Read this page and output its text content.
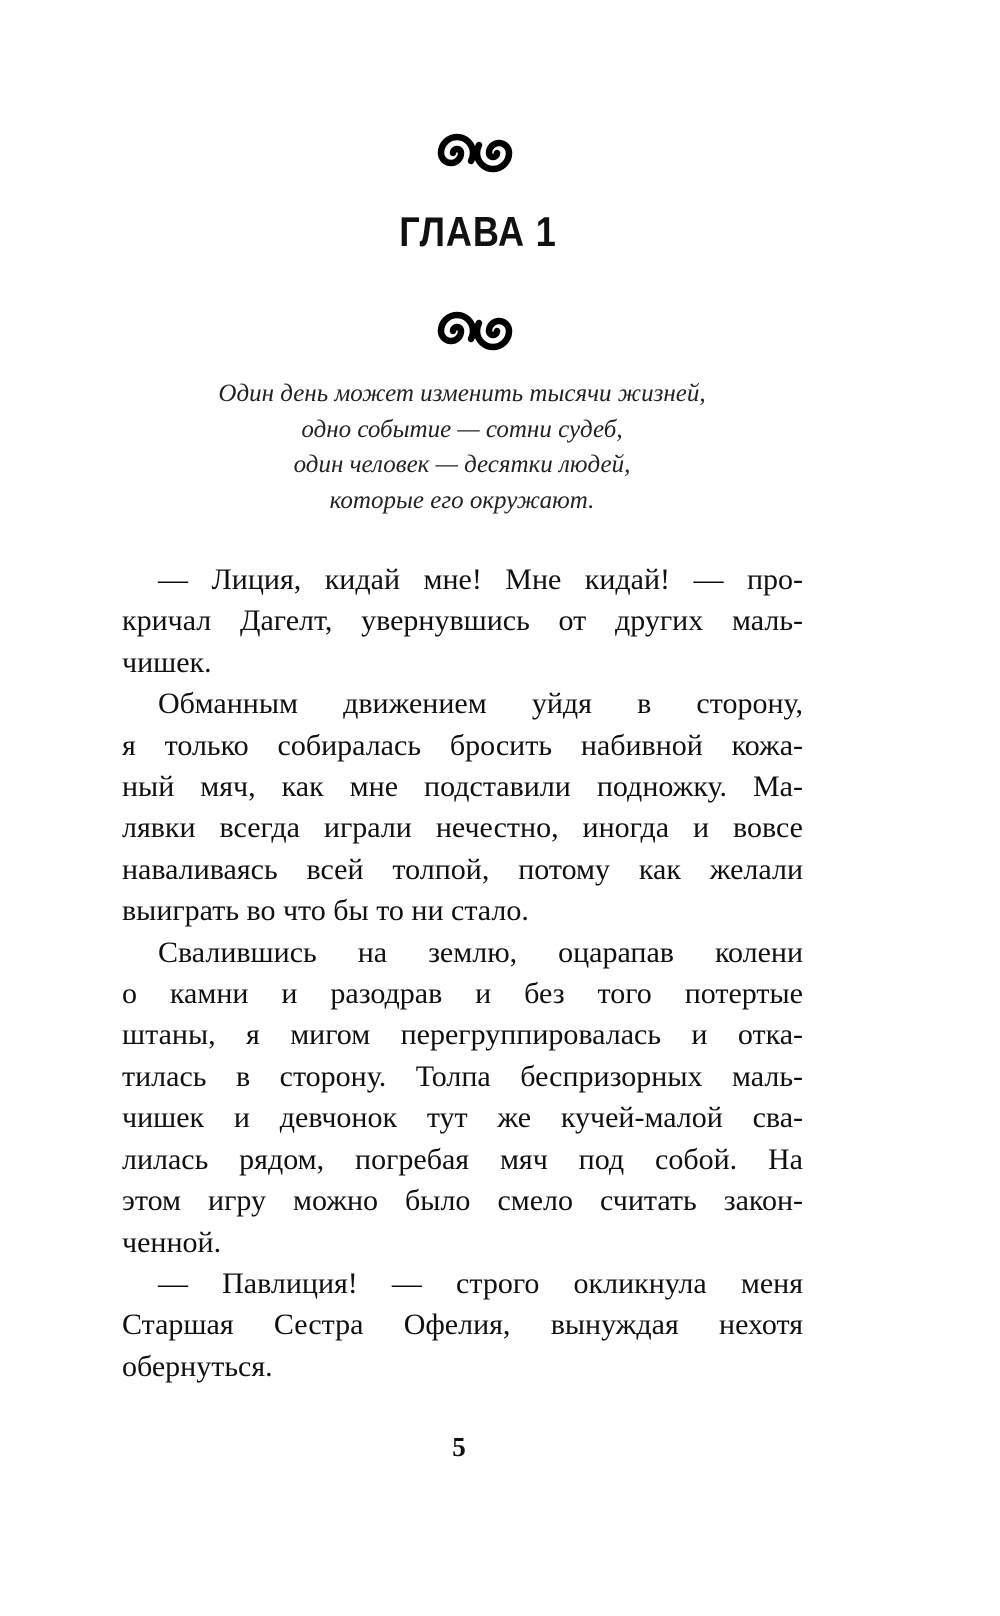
ГЛАВА 1
Один день может изменить тысячи жизней,
одно событие — сотни судеб,
один человек — десятки людей,
которые его окружают.

— Лиция, кидай мне! Мне кидай! — про-
кричал Дагелт, увернувшись от других маль-
чишек.

Обманным движением уйдя в сторону,
я только собиралась бросить набивной кожа-
ный мяч, как мне подставили подножку. Ма-
лявки всегда играли нечестно, иногда и вовсе
наваливаясь всей толпой, потому как желали
выиграть во что бы то ни стало.

Свалившись на землю, оцарапав колени
о камни и разодрав и без того потертые
штаны, я мигом перегруппировалась и отка-
тилась в сторону. Толпа беспризорных маль-
чишек и девчонок тут же кучей-малой сва-
лилась рядом, погребая мяч под собой. На
этом игру можно было смело считать закон-
ченной.

— Павлиция! — строго окликнула меня
Старшая Сестра Офелия, вынуждая нехотя
обернуться.

5
